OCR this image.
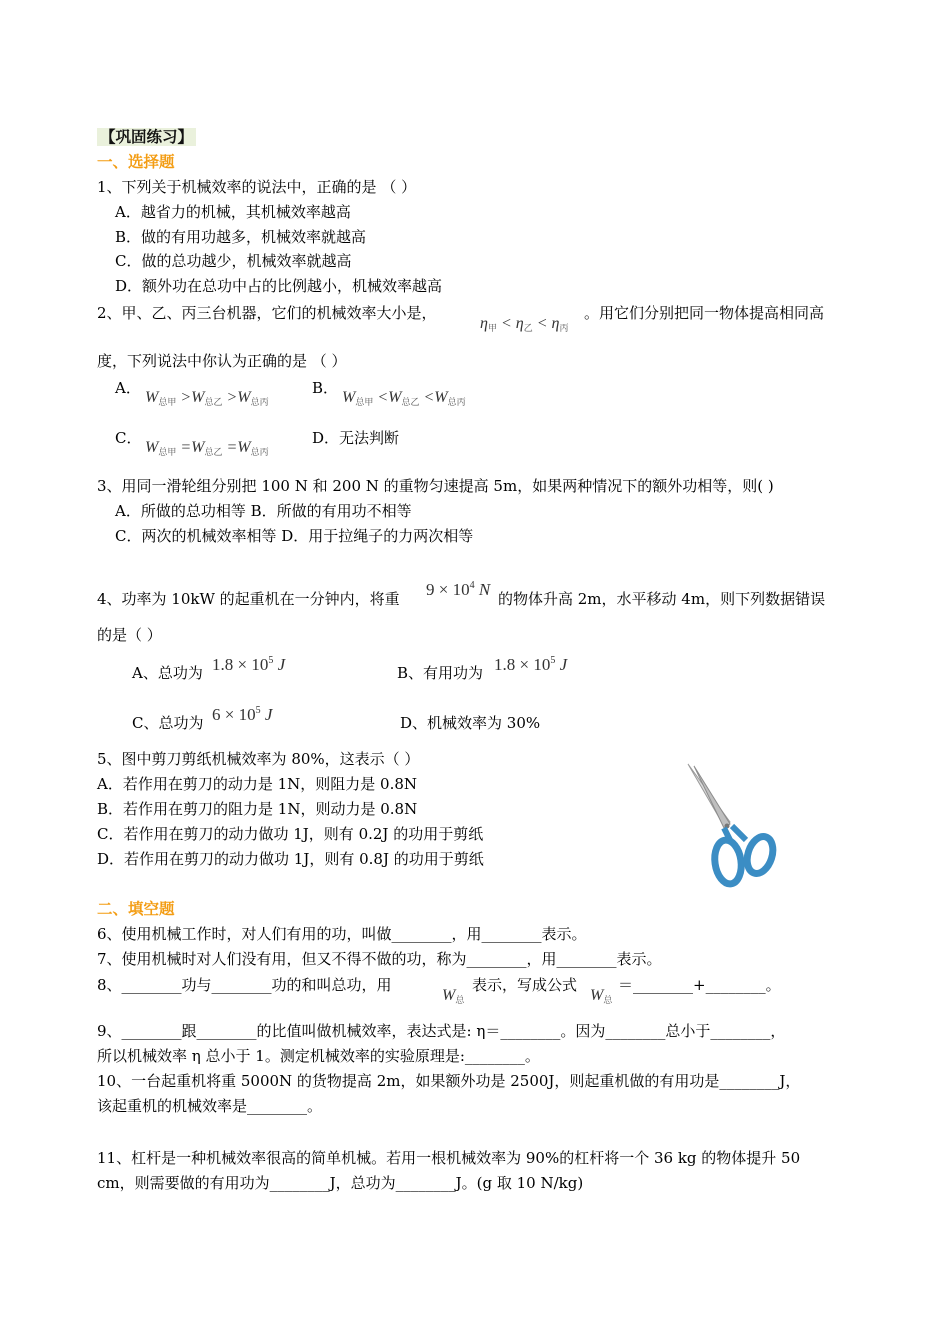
【巩固练习】
一、选择题
1、下列关于机械效率的说法中，正确的是 （ ）
A．越省力的机械，其机械效率越高
B．做的有用功越多，机械效率就越高
C．做的总功越少，机械效率就越高
D．额外功在总功中占的比例越小，机械效率越高
2、甲、乙、丙三台机器，它们的机械效率大小是，
$\eta_甲 < \eta_乙 < \eta_丙$
。用它们分别把同一物体提高相同高
度，下列说法中你认为正确的是 （ ）
A．
$W_{总甲} >W_{总乙} >W_{总丙}$
B．
$W_{总甲} <W_{总乙} <W_{总丙}$
C．
$W_{总甲} =W_{总乙} =W_{总丙}$
D．无法判断
3、用同一滑轮组分别把 100 N 和 200 N 的重物匀速提高 5m，如果两种情况下的额外功相等，则( )
A．所做的总功相等 B．所做的有用功不相等
C．两次的机械效率相等 D．用于拉绳子的力两次相等
4、功率为 10kW 的起重机在一分钟内，将重 $9 \times 10^4$ N 的物体升高 2m，水平移动 4m，则下列数据错误
的是（ ）
A、总功为 $1.8 \times 10^5$ J	B、有用功为 $1.8 \times 10^5$ J
C、总功为 $6 \times 10^5$ J	D、机械效率为 30%
5、图中剪刀剪纸机械效率为 80%，这表示（ ）
A．若作用在剪刀的动力是 1N，则阻力是 0.8N
B．若作用在剪刀的阻力是 1N，则动力是 0.8N
C．若作用在剪刀的动力做功 1J，则有 0.2J 的功用于剪纸
D．若作用在剪刀的动力做功 1J，则有 0.8J 的功用于剪纸
二、填空题
6、使用机械工作时，对人们有用的功，叫做________，用________表示。
7、使用机械时对人们没有用，但又不得不做的功，称为________，用________表示。
8、________功与________功的和叫总功，用
$W_总$
表示，写成公式
$W_总$
＝________+________。
9、________跟________的比值叫做机械效率，表达式是: η＝________。因为________总小于________，
所以机械效率 η 总小于 1。测定机械效率的实验原理是:________。
10、一台起重机将重 5000N 的货物提高 2m，如果额外功是 2500J，则起重机做的有用功是________J，
该起重机的机械效率是________。
11、杠杆是一种机械效率很高的简单机械。若用一根机械效率为 90%的杠杆将一个 36 kg 的物体提升 50
cm，则需要做的有用功为________J，总功为________J。(g 取 10 N/kg)
